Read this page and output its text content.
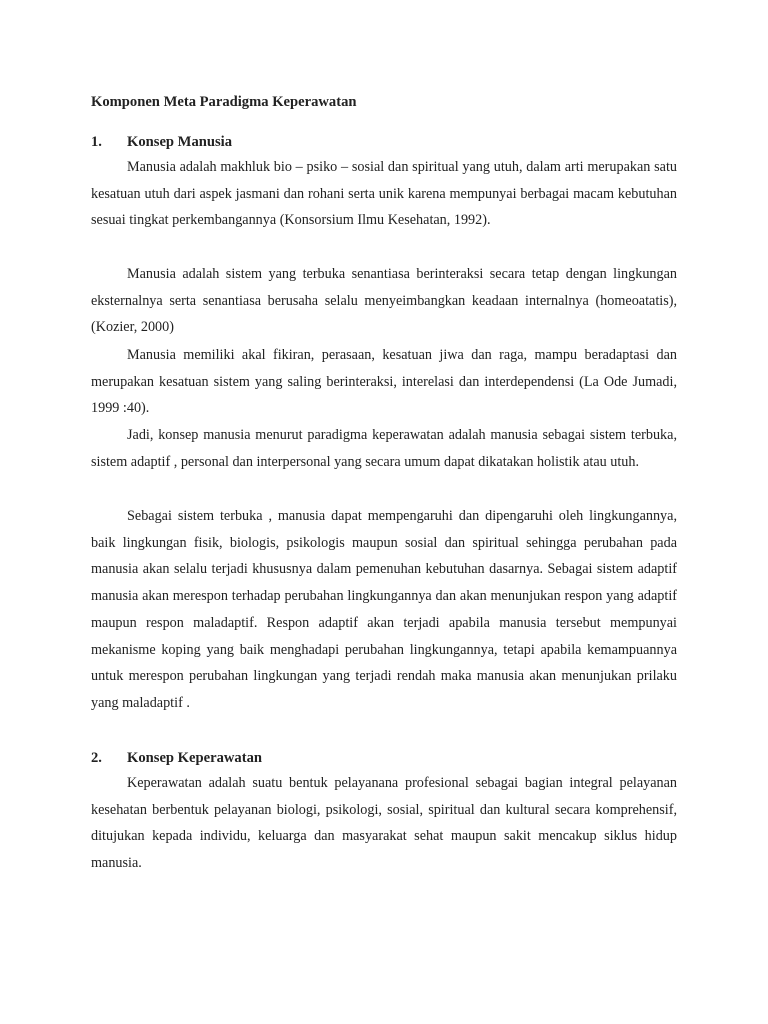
Komponen Meta Paradigma Keperawatan
1. Konsep Manusia

Manusia adalah makhluk bio – psiko – sosial dan spiritual yang utuh, dalam arti merupakan satu kesatuan utuh dari aspek jasmani dan rohani serta unik karena mempunyai berbagai macam kebutuhan sesuai tingkat perkembangannya (Konsorsium Ilmu Kesehatan, 1992).

Manusia adalah sistem yang terbuka senantiasa berinteraksi secara tetap dengan lingkungan eksternalnya serta senantiasa berusaha selalu menyeimbangkan keadaan internalnya (homeoatatis), (Kozier, 2000)

Manusia memiliki akal fikiran, perasaan, kesatuan jiwa dan raga, mampu beradaptasi dan merupakan kesatuan sistem yang saling berinteraksi, interelasi dan interdependensi (La Ode Jumadi, 1999 :40).

Jadi, konsep manusia menurut paradigma keperawatan adalah manusia sebagai sistem terbuka, sistem adaptif , personal dan interpersonal yang secara umum dapat dikatakan holistik atau utuh.

Sebagai sistem terbuka , manusia dapat mempengaruhi dan dipengaruhi oleh lingkungannya, baik lingkungan fisik, biologis, psikologis maupun sosial dan spiritual sehingga perubahan pada manusia akan selalu terjadi khususnya dalam pemenuhan kebutuhan dasarnya. Sebagai sistem adaptif manusia akan merespon terhadap perubahan lingkungannya dan akan menunjukan respon yang adaptif maupun respon maladaptif. Respon adaptif akan terjadi apabila manusia tersebut mempunyai mekanisme koping yang baik menghadapi perubahan lingkungannya, tetapi apabila kemampuannya untuk merespon perubahan lingkungan yang terjadi rendah maka manusia akan menunjukan prilaku yang maladaptif .

2. Konsep Keperawatan

Keperawatan adalah suatu bentuk pelayanana profesional sebagai bagian integral pelayanan kesehatan berbentuk pelayanan biologi, psikologi, sosial, spiritual dan kultural secara komprehensif, ditujukan kepada individu, keluarga dan masyarakat sehat maupun sakit mencakup siklus hidup manusia.
